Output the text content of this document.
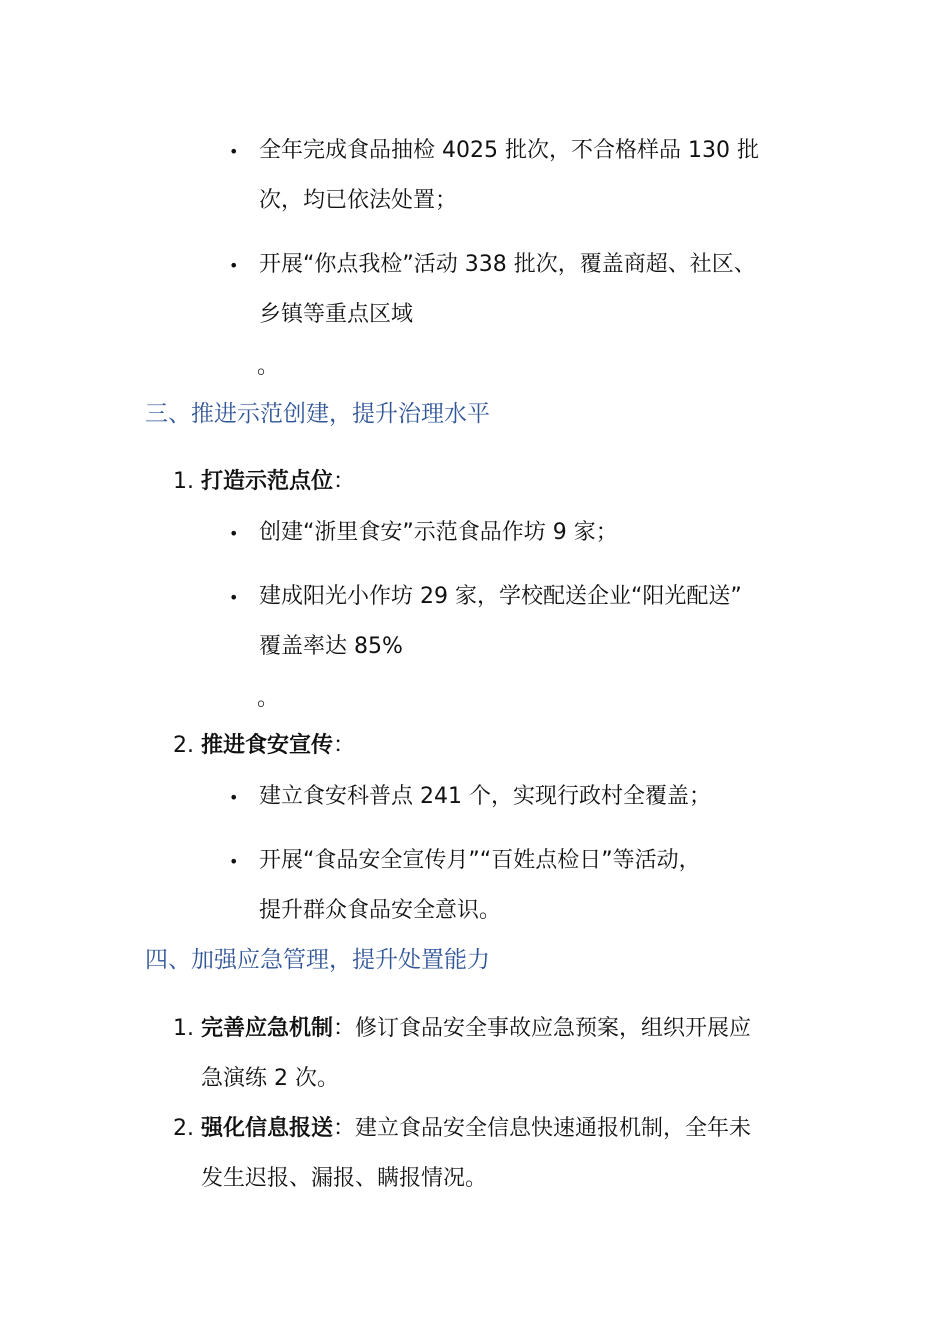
• 全年完成食品抽检 4025 批次，不合格样品 130 批
次，均已依法处置；
• 开展“你点我检”活动 338 批次，覆盖商超、社区、
乡镇等重点区域
。
三、推进示范创建，提升治理水平
1. 打造示范点位：
• 创建“浙里食安”示范食品作坊 9 家；
• 建成阳光小作坊 29 家，学校配送企业“阳光配送”
覆盖率达 85%
。
2. 推进食安宣传：
• 建立食安科普点 241 个，实现行政村全覆盖；
• 开展“食品安全宣传月”“百姓点检日”等活动，
提升群众食品安全意识。
四、加强应急管理，提升处置能力
1. 完善应急机制：修订食品安全事故应急预案，组织开展应
急演练 2 次。
2. 强化信息报送：建立食品安全信息快速通报机制，全年未
发生迟报、漏报、瞒报情况。
